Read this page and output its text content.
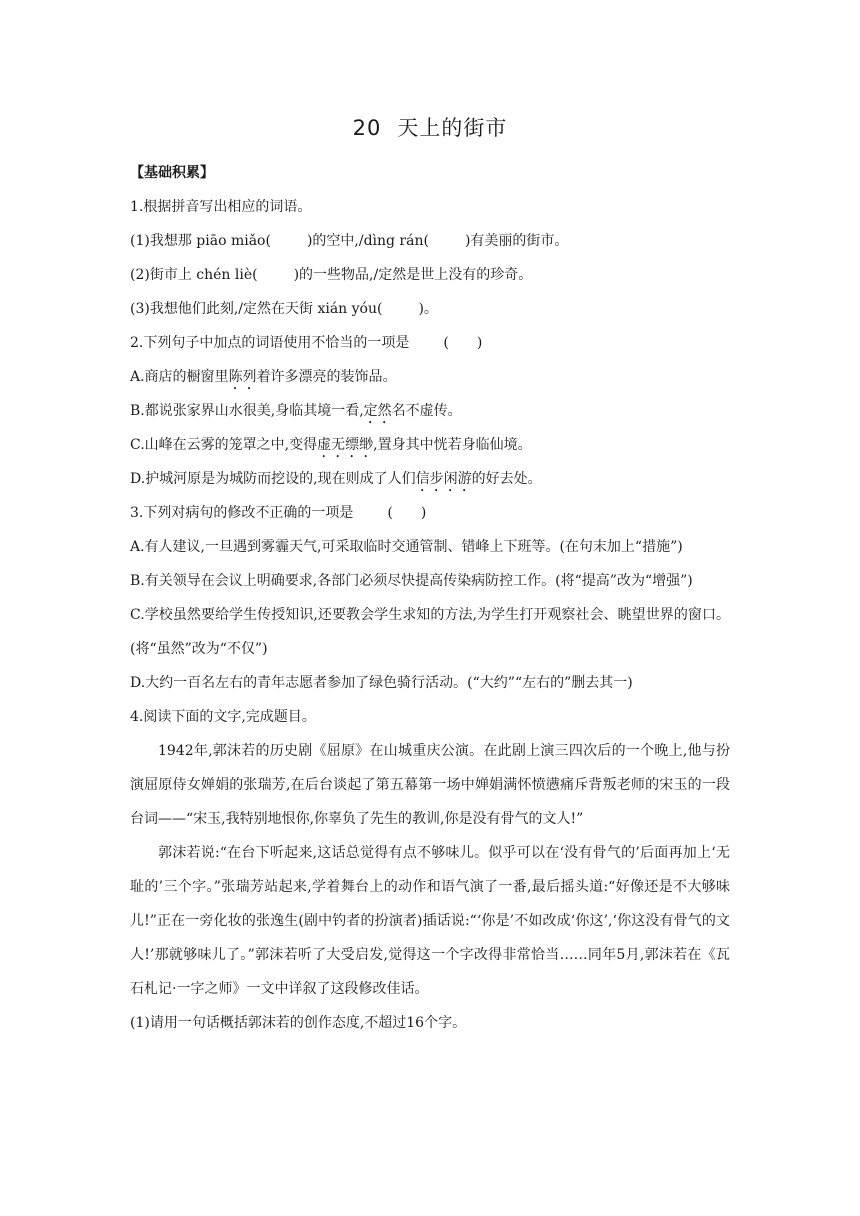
20 天上的街市
【基础积累】
1.根据拼音写出相应的词语。
(1)我想那 piāo miǎo(	)的空中,/dìng rán(	)有美丽的街市。
(2)街市上 chén liè(	)的一些物品,/定然是世上没有的珍奇。
(3)我想他们此刻,/定然在天街 xián yóu(	)。
2.下列句子中加点的词语使用不恰当的一项是 ( )
A.商店的橱窗里陈列着许多漂亮的装饰品。
B.都说张家界山水很美,身临其境一看,定然名不虚传。
C.山峰在云雾的笼罩之中,变得虚无缥缈,置身其中恍若身临仙境。
D.护城河原是为城防而挖设的,现在则成了人们信步闲游的好去处。
3.下列对病句的修改不正确的一项是 ( )
A.有人建议,一旦遇到雾霾天气,可采取临时交通管制、错峰上下班等。(在句末加上“措施”)
B.有关领导在会议上明确要求,各部门必须尽快提高传染病防控工作。(将“提高”改为“增强”)
C.学校虽然要给学生传授知识,还要教会学生求知的方法,为学生打开观察社会、眺望世界的窗口。(将“虽然”改为“不仅”)
D.大约一百名左右的青年志愿者参加了绿色骑行活动。(“大约”“左右的”删去其一)
4.阅读下面的文字,完成题目。
1942年,郭沫若的历史剧《屈原》在山城重庆公演。在此剧上演三四次后的一个晚上,他与扮演屈原侍女婵娟的张瑞芳,在后台谈起了第五幕第一场中婵娟满怀愤懑痛斥背叛老师的宋玉的一段台词——“宋玉,我特别地恨你,你辜负了先生的教训,你是没有骨气的文人!”
郭沫若说:“在台下听起来,这话总觉得有点不够味儿。似乎可以在‘没有骨气的’后面再加上‘无耻的’三个字。”张瑞芳站起来,学着舞台上的动作和语气演了一番,最后摇头道:“好像还是不大够味儿!”正在一旁化妆的张逸生(剧中钓者的扮演者)插话说:“‘你是’不如改成‘你这’,‘你这没有骨气的文人!’那就够味儿了。”郭沫若听了大受启发,觉得这一个字改得非常恰当……同年5月,郭沫若在《瓦石札记·一字之师》一文中详叙了这段修改佳话。
(1)请用一句话概括郭沫若的创作态度,不超过16个字。
